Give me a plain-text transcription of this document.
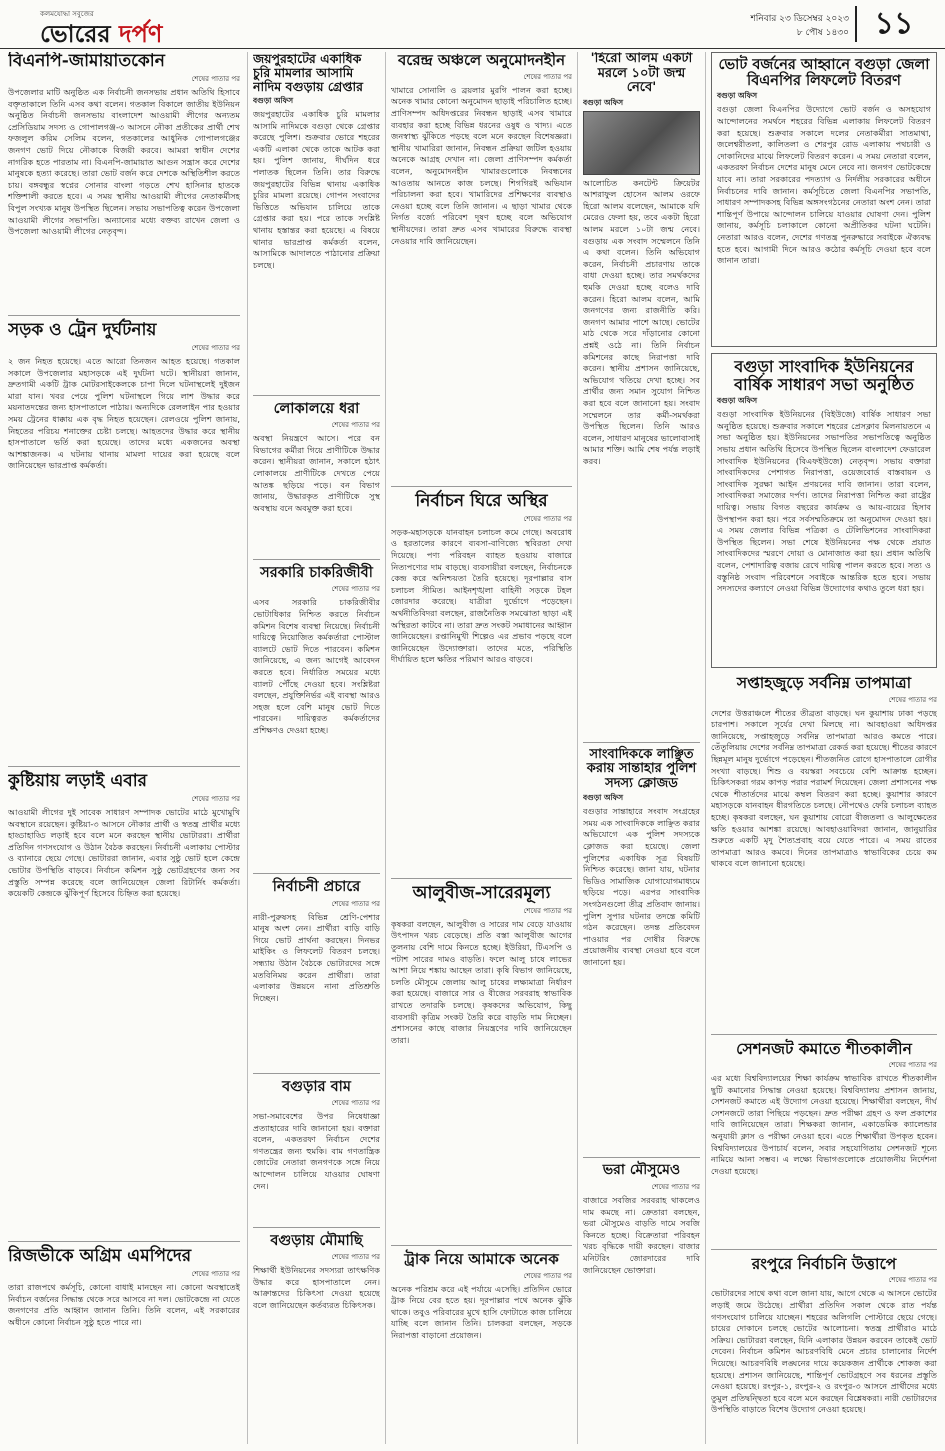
কলমযোদ্ধা সবুজের
ভোরের দর্পণ	শনিবার ২৩ ডিসেম্বর ২০২৩
৮ পৌষ ১৪৩০ ১১
বিএনপি-জামায়াতকোন
শেষের পাতার পর

উপজেলার মাটি অনুষ্ঠিত এক নির্বাচনী জনসভায় প্রধান অতিথি হিসাবে বক্তৃতাকালে তিনি এসব কথা বলেন। গতকাল বিকালে জাতীয় ইউনিয়ন অনুষ্ঠিত নির্বাচনী জনসভায় বাংলাদেশ আওয়ামী লীগের অন্যতম প্রেসিডিয়াম সদস্য ও গোপালগঞ্জ-৩ আসনে নৌকা প্রতীকের প্রার্থী শেখ ফজলুল করিম সেলিম বলেন, গতকালের আধুনিক গোপালগঞ্জের জনগণ ভোট দিয়ে নৌকাকে বিজয়ী করবে। আমরা স্বাধীন দেশের নাগরিক হতে পারতাম না। বিএনপি-জামায়াত আগুন সন্ত্রাস করে দেশের মানুষকে হত্যা করেছে। তারা ভোট বর্জন করে দেশকে অস্থিতিশীল করতে চায়। বঙ্গবন্ধুর স্বপ্নের সোনার বাংলা গড়তে শেখ হাসিনার হাতকে শক্তিশালী করতে হবে। এ সময় স্থানীয় আওয়ামী লীগের নেতাকর্মীসহ বিপুল সংখ্যক মানুষ উপস্থিত ছিলেন। সভায় সভাপতিত্ব করেন উপজেলা আওয়ামী লীগের সভাপতি। অন্যান্যের মধ্যে বক্তব্য রাখেন জেলা ও উপজেলা আওয়ামী লীগের নেতৃবৃন্দ।

সড়ক ও ট্রেন দুর্ঘটনায়
শেষের পাতার পর

২ জন নিহত হয়েছে। এতে আরো তিনজন আহত হয়েছে। গতকাল সকালে উপজেলার মহাসড়কে এই দুর্ঘটনা ঘটে। স্থানীয়রা জানান, দ্রুতগামী একটি ট্রাক মোটরসাইকেলকে চাপা দিলে ঘটনাস্থলেই দুইজন মারা যান। খবর পেয়ে পুলিশ ঘটনাস্থলে গিয়ে লাশ উদ্ধার করে ময়নাতদন্তের জন্য হাসপাতালে পাঠায়। অন্যদিকে রেললাইন পার হওয়ার সময় ট্রেনের ধাক্কায় এক বৃদ্ধ নিহত হয়েছেন। রেলওয়ে পুলিশ জানায়, নিহতের পরিচয় শনাক্তের চেষ্টা চলছে। আহতদের উদ্ধার করে স্থানীয় হাসপাতালে ভর্তি করা হয়েছে। তাদের মধ্যে একজনের অবস্থা আশঙ্কাজনক। এ ঘটনায় থানায় মামলা দায়ের করা হয়েছে বলে জানিয়েছেন ভারপ্রাপ্ত কর্মকর্তা।

কুষ্টিয়ায় লড়াই এবার
শেষের পাতার পর

আওয়ামী লীগের দুই সাবেক সাধারণ সম্পাদক ভোটের মাঠে মুখোমুখি অবস্থানে রয়েছেন। কুষ্টিয়া-৩ আসনে নৌকার প্রার্থী ও স্বতন্ত্র প্রার্থীর মধ্যে হাড্ডাহাড্ডি লড়াই হবে বলে মনে করছেন স্থানীয় ভোটাররা। প্রার্থীরা প্রতিদিন গণসংযোগ ও উঠান বৈঠক করছেন। নির্বাচনী এলাকায় পোস্টার ও ব্যানারে ছেয়ে গেছে। ভোটাররা জানান, এবার সুষ্ঠু ভোট হলে কেন্দ্রে ভোটার উপস্থিতি বাড়বে। নির্বাচন কমিশন সুষ্ঠু ভোটগ্রহণের জন্য সব প্রস্তুতি সম্পন্ন করেছে বলে জানিয়েছেন জেলা রিটার্নিং কর্মকর্তা। কয়েকটি কেন্দ্রকে ঝুঁকিপূর্ণ হিসেবে চিহ্নিত করা হয়েছে।

রিজভীকে অগ্রিম এমপিদের
শেষের পাতার পর

তারা রাজপথে কর্মসূচি, কোনো বাধাই মানছেন না। কোনো অবস্থাতেই নির্বাচন বর্জনের সিদ্ধান্ত থেকে সরে আসবে না দল। ভোটকেন্দ্রে না যেতে জনগণের প্রতি আহ্বান জানান তিনি। তিনি বলেন, এই সরকারের অধীনে কোনো নির্বাচন সুষ্ঠু হতে পারে না।

জয়পুরহাটের একাধিক চুরি মামলার আসামি নাদিম বগুড়ায় গ্রেপ্তার
বগুড়া অফিস

জয়পুরহাটের একাধিক চুরি মামলার আসামি নাদিমকে বগুড়া থেকে গ্রেপ্তার করেছে পুলিশ। শুক্রবার ভোরে শহরের একটি এলাকা থেকে তাকে আটক করা হয়। পুলিশ জানায়, দীর্ঘদিন ধরে পলাতক ছিলেন তিনি। তার বিরুদ্ধে জয়পুরহাটের বিভিন্ন থানায় একাধিক চুরির মামলা রয়েছে। গোপন সংবাদের ভিত্তিতে অভিযান চালিয়ে তাকে গ্রেপ্তার করা হয়। পরে তাকে সংশ্লিষ্ট থানায় হস্তান্তর করা হয়েছে। এ বিষয়ে থানার ভারপ্রাপ্ত কর্মকর্তা বলেন, আসামিকে আদালতে পাঠানোর প্রক্রিয়া চলছে।

লোকালয়ে ধরা
শেষের পাতার পর

অবস্থা নিয়ন্ত্রণে আসে। পরে বন বিভাগের কর্মীরা গিয়ে প্রাণীটিকে উদ্ধার করেন। স্থানীয়রা জানান, সকালে হঠাৎ লোকালয়ে প্রাণীটিকে দেখতে পেয়ে আতঙ্ক ছড়িয়ে পড়ে। বন বিভাগ জানায়, উদ্ধারকৃত প্রাণীটিকে সুস্থ অবস্থায় বনে অবমুক্ত করা হবে।

সরকারি চাকরিজীবী
শেষের পাতার পর

এসব সরকারি চাকরিজীবীর ভোটাধিকার নিশ্চিত করতে নির্বাচন কমিশন বিশেষ ব্যবস্থা নিয়েছে। নির্বাচনী দায়িত্বে নিয়োজিত কর্মকর্তারা পোস্টাল ব্যালটে ভোট দিতে পারবেন। কমিশন জানিয়েছে, এ জন্য আগেই আবেদন করতে হবে। নির্ধারিত সময়ের মধ্যে ব্যালট পৌঁছে দেওয়া হবে। সংশ্লিষ্টরা বলছেন, প্রযুক্তিনির্ভর এই ব্যবস্থা আরও সহজ হলে বেশি মানুষ ভোট দিতে পারবেন। দায়িত্বরত কর্মকর্তাদের প্রশিক্ষণও দেওয়া হচ্ছে।

নির্বাচনী প্রচারে
শেষের পাতার পর

নারী-পুরুষসহ বিভিন্ন শ্রেণি-পেশার মানুষ অংশ নেন। প্রার্থীরা বাড়ি বাড়ি গিয়ে ভোট প্রার্থনা করছেন। দিনভর মাইকিং ও লিফলেট বিতরণ চলছে। সন্ধ্যায় উঠান বৈঠকে ভোটারদের সঙ্গে মতবিনিময় করেন প্রার্থীরা। তারা এলাকার উন্নয়নে নানা প্রতিশ্রুতি দিচ্ছেন।

বগুড়ার বাম
শেষের পাতার পর

সভা-সমাবেশের উপর নিষেধাজ্ঞা প্রত্যাহারের দাবি জানানো হয়। বক্তারা বলেন, একতরফা নির্বাচন দেশের গণতন্ত্রের জন্য হুমকি। বাম গণতান্ত্রিক জোটের নেতারা জনগণকে সঙ্গে নিয়ে আন্দোলন চালিয়ে যাওয়ার ঘোষণা দেন।

বগুড়ায় মৌমাছি
শেষের পাতার পর

শিক্ষার্থী ইউনিয়নের সদস্যরা তাৎক্ষণিক উদ্ধার করে হাসপাতালে নেন। আক্রান্তদের চিকিৎসা দেওয়া হয়েছে বলে জানিয়েছেন কর্তব্যরত চিকিৎসক।

বরেন্দ্র অঞ্চলে অনুমোদনহীন
শেষের পাতার পর

খামারে সোনালি ও ব্রয়লার মুরগি পালন করা হচ্ছে। অনেক খামার কোনো অনুমোদন ছাড়াই পরিচালিত হচ্ছে। প্রাণিসম্পদ অধিদপ্তরের নিবন্ধন ছাড়াই এসব খামারে ব্যবহার করা হচ্ছে বিভিন্ন ধরনের ওষুধ ও খাদ্য। এতে জনস্বাস্থ্য ঝুঁকিতে পড়ছে বলে মনে করছেন বিশেষজ্ঞরা। স্থানীয় খামারিরা জানান, নিবন্ধন প্রক্রিয়া জটিল হওয়ায় অনেকে আগ্রহ দেখান না। জেলা প্রাণিসম্পদ কর্মকর্তা বলেন, অনুমোদনহীন খামারগুলোকে নিবন্ধনের আওতায় আনতে কাজ চলছে। শিগগিরই অভিযান পরিচালনা করা হবে। খামারিদের প্রশিক্ষণের ব্যবস্থাও নেওয়া হচ্ছে বলে তিনি জানান। এ ছাড়া খামার থেকে নির্গত বর্জ্যে পরিবেশ দূষণ হচ্ছে বলে অভিযোগ স্থানীয়দের। তারা দ্রুত এসব খামারের বিরুদ্ধে ব্যবস্থা নেওয়ার দাবি জানিয়েছেন।

নির্বাচন ঘিরে অস্থির
শেষের পাতার পর

সড়ক-মহাসড়কে যানবাহন চলাচল কমে গেছে। অবরোধ ও হরতালের কারণে ব্যবসা-বাণিজ্যে স্থবিরতা দেখা দিয়েছে। পণ্য পরিবহন ব্যাহত হওয়ায় বাজারে নিত্যপণ্যের দাম বাড়ছে। ব্যবসায়ীরা বলছেন, নির্বাচনকে কেন্দ্র করে অনিশ্চয়তা তৈরি হয়েছে। দূরপাল্লার বাস চলাচল সীমিত। আইনশৃঙ্খলা বাহিনী সড়কে টহল জোরদার করেছে। যাত্রীরা দুর্ভোগে পড়েছেন। অর্থনীতিবিদরা বলছেন, রাজনৈতিক সমঝোতা ছাড়া এই অস্থিরতা কাটবে না। তারা দ্রুত সংকট সমাধানের আহ্বান জানিয়েছেন। রপ্তানিমুখী শিল্পেও এর প্রভাব পড়ছে বলে জানিয়েছেন উদ্যোক্তারা। তাদের মতে, পরিস্থিতি দীর্ঘায়িত হলে ক্ষতির পরিমাণ আরও বাড়বে।

আলুবীজ-সারেরমূল্য
শেষের পাতার পর

কৃষকরা বলছেন, আলুবীজ ও সারের দাম বেড়ে যাওয়ায় উৎপাদন খরচ বেড়েছে। প্রতি বস্তা আলুবীজ আগের তুলনায় বেশি দামে কিনতে হচ্ছে। ইউরিয়া, টিএসপি ও পটাশ সারের দামও বাড়তি। ফলে আলু চাষে লাভের আশা নিয়ে শঙ্কায় আছেন তারা। কৃষি বিভাগ জানিয়েছে, চলতি মৌসুমে জেলায় আলু চাষের লক্ষ্যমাত্রা নির্ধারণ করা হয়েছে। বাজারে সার ও বীজের সরবরাহ স্বাভাবিক রাখতে তদারকি চলছে। কৃষকদের অভিযোগ, কিছু ব্যবসায়ী কৃত্রিম সংকট তৈরি করে বাড়তি দাম নিচ্ছেন। প্রশাসনের কাছে বাজার নিয়ন্ত্রণের দাবি জানিয়েছেন তারা।

ট্রাক নিয়ে আমাকে অনেক
শেষের পাতার পর

অনেক পরিশ্রম করে এই পর্যায়ে এসেছি। প্রতিদিন ভোরে ট্রাক নিয়ে বের হতে হয়। দূরপাল্লার পথে অনেক ঝুঁকি থাকে। তবুও পরিবারের মুখে হাসি ফোটাতে কাজ চালিয়ে যাচ্ছি বলে জানান তিনি। চালকরা বলছেন, সড়কে নিরাপত্তা বাড়ানো প্রয়োজন।

'হিরো আলম একটা মরলে ১০টা জন্ম নেবে'
বগুড়া অফিস

আলোচিত কনটেন্ট ক্রিয়েটর আশরাফুল হোসেন আলম ওরফে হিরো আলম বলেছেন, আমাকে যদি মেরেও ফেলা হয়, তবে একটা হিরো আলম মরলে ১০টা জন্ম নেবে। বগুড়ায় এক সংবাদ সম্মেলনে তিনি এ কথা বলেন। তিনি অভিযোগ করেন, নির্বাচনী প্রচারণায় তাকে বাধা দেওয়া হচ্ছে। তার সমর্থকদের হুমকি দেওয়া হচ্ছে বলেও দাবি করেন। হিরো আলম বলেন, আমি জনগণের জন্য রাজনীতি করি। জনগণ আমার পাশে আছে। ভোটের মাঠ থেকে সরে দাঁড়ানোর কোনো প্রশ্নই ওঠে না। তিনি নির্বাচন কমিশনের কাছে নিরাপত্তা দাবি করেন। স্থানীয় প্রশাসন জানিয়েছে, অভিযোগ খতিয়ে দেখা হচ্ছে। সব প্রার্থীর জন্য সমান সুযোগ নিশ্চিত করা হবে বলে জানানো হয়। সংবাদ সম্মেলনে তার কর্মী-সমর্থকরা উপস্থিত ছিলেন। তিনি আরও বলেন, সাধারণ মানুষের ভালোবাসাই আমার শক্তি। আমি শেষ পর্যন্ত লড়াই করব।

সাংবাদিককে লাঞ্ছিত করায় সান্তাহার পুলিশ সদস্য ক্লোজড
বগুড়া অফিস

বগুড়ার সান্তাহারে সংবাদ সংগ্রহের সময় এক সাংবাদিককে লাঞ্ছিত করার অভিযোগে এক পুলিশ সদস্যকে ক্লোজড করা হয়েছে। জেলা পুলিশের একাধিক সূত্র বিষয়টি নিশ্চিত করেছে। জানা যায়, ঘটনার ভিডিও সামাজিক যোগাযোগমাধ্যমে ছড়িয়ে পড়ে। এরপর সাংবাদিক সংগঠনগুলো তীব্র প্রতিবাদ জানায়। পুলিশ সুপার ঘটনার তদন্তে কমিটি গঠন করেছেন। তদন্ত প্রতিবেদন পাওয়ার পর দোষীর বিরুদ্ধে প্রয়োজনীয় ব্যবস্থা নেওয়া হবে বলে জানানো হয়।

ভরা মৌসুমেও
শেষের পাতার পর

বাজারে সবজির সরবরাহ থাকলেও দাম কমছে না। ক্রেতারা বলছেন, ভরা মৌসুমেও বাড়তি দামে সবজি কিনতে হচ্ছে। বিক্রেতারা পরিবহন খরচ বৃদ্ধিকে দায়ী করছেন। বাজার মনিটরিং জোরদারের দাবি জানিয়েছেন ভোক্তারা।

ভোট বর্জনের আহ্বানে বগুড়া জেলা বিএনপির লিফলেট বিতরণ
বগুড়া অফিস

বগুড়া জেলা বিএনপির উদ্যোগে ভোট বর্জন ও অসহযোগ আন্দোলনের সমর্থনে শহরের বিভিন্ন এলাকায় লিফলেট বিতরণ করা হয়েছে। শুক্রবার সকালে দলের নেতাকর্মীরা সাতমাথা, জলেশ্বরীতলা, কালিতলা ও শেরপুর রোড এলাকায় পথচারী ও দোকানিদের মাঝে লিফলেট বিতরণ করেন। এ সময় নেতারা বলেন, একতরফা নির্বাচন দেশের মানুষ মেনে নেবে না। জনগণ ভোটকেন্দ্রে যাবে না। তারা সরকারের পদত্যাগ ও নির্দলীয় সরকারের অধীনে নির্বাচনের দাবি জানান। কর্মসূচিতে জেলা বিএনপির সভাপতি, সাধারণ সম্পাদকসহ বিভিন্ন অঙ্গসংগঠনের নেতারা অংশ নেন। তারা শান্তিপূর্ণ উপায়ে আন্দোলন চালিয়ে যাওয়ার ঘোষণা দেন। পুলিশ জানায়, কর্মসূচি চলাকালে কোনো অপ্রীতিকর ঘটনা ঘটেনি। নেতারা আরও বলেন, দেশের গণতন্ত্র পুনরুদ্ধারে সবাইকে ঐক্যবদ্ধ হতে হবে। আগামী দিনে আরও কঠোর কর্মসূচি দেওয়া হবে বলে জানান তারা।

বগুড়া সাংবাদিক ইউনিয়নের বার্ষিক সাধারণ সভা অনুষ্ঠিত
বগুড়া অফিস

বগুড়া সাংবাদিক ইউনিয়নের (বিইউজে) বার্ষিক সাধারণ সভা অনুষ্ঠিত হয়েছে। শুক্রবার সকালে শহরের প্রেসক্লাব মিলনায়তনে এ সভা অনুষ্ঠিত হয়। ইউনিয়নের সভাপতির সভাপতিত্বে অনুষ্ঠিত সভায় প্রধান অতিথি হিসেবে উপস্থিত ছিলেন বাংলাদেশ ফেডারেল সাংবাদিক ইউনিয়নের (বিএফইউজে) নেতৃবৃন্দ। সভায় বক্তারা সাংবাদিকদের পেশাগত নিরাপত্তা, ওয়েজবোর্ড বাস্তবায়ন ও সাংবাদিক সুরক্ষা আইন প্রণয়নের দাবি জানান। তারা বলেন, সাংবাদিকরা সমাজের দর্পণ। তাদের নিরাপত্তা নিশ্চিত করা রাষ্ট্রের দায়িত্ব। সভায় বিগত বছরের কার্যক্রম ও আয়-ব্যয়ের হিসাব উপস্থাপন করা হয়। পরে সর্বসম্মতিক্রমে তা অনুমোদন দেওয়া হয়। এ সময় জেলার বিভিন্ন পত্রিকা ও টেলিভিশনের সাংবাদিকরা উপস্থিত ছিলেন। সভা শেষে ইউনিয়নের পক্ষ থেকে প্রয়াত সাংবাদিকদের স্মরণে দোয়া ও মোনাজাত করা হয়। প্রধান অতিথি বলেন, পেশাদারিত্ব বজায় রেখে দায়িত্ব পালন করতে হবে। সত্য ও বস্তুনিষ্ঠ সংবাদ পরিবেশনে সবাইকে আন্তরিক হতে হবে। সভায় সদস্যদের কল্যাণে নেওয়া বিভিন্ন উদ্যোগের কথাও তুলে ধরা হয়।

সপ্তাহজুড়ে সর্বনিম্ন তাপমাত্রা
শেষের পাতার পর

দেশের উত্তরাঞ্চলে শীতের তীব্রতা বাড়ছে। ঘন কুয়াশায় ঢাকা পড়ছে চারপাশ। সকালে সূর্যের দেখা মিলছে না। আবহাওয়া অধিদপ্তর জানিয়েছে, সপ্তাহজুড়ে সর্বনিম্ন তাপমাত্রা আরও কমতে পারে। তেঁতুলিয়ায় দেশের সর্বনিম্ন তাপমাত্রা রেকর্ড করা হয়েছে। শীতের কারণে ছিন্নমূল মানুষ দুর্ভোগে পড়েছেন। শীতজনিত রোগে হাসপাতালে রোগীর সংখ্যা বাড়ছে। শিশু ও বয়স্করা সবচেয়ে বেশি আক্রান্ত হচ্ছেন। চিকিৎসকরা গরম কাপড় পরার পরামর্শ দিয়েছেন। জেলা প্রশাসনের পক্ষ থেকে শীতার্তদের মাঝে কম্বল বিতরণ করা হচ্ছে। কুয়াশার কারণে মহাসড়কে যানবাহন ধীরগতিতে চলছে। নৌপথেও ফেরি চলাচল ব্যাহত হচ্ছে। কৃষকরা বলছেন, ঘন কুয়াশায় বোরো বীজতলা ও আলুক্ষেতের ক্ষতি হওয়ার আশঙ্কা রয়েছে। আবহাওয়াবিদরা জানান, জানুয়ারির শুরুতে একটি মৃদু শৈত্যপ্রবাহ বয়ে যেতে পারে। এ সময় রাতের তাপমাত্রা আরও কমবে। দিনের তাপমাত্রাও স্বাভাবিকের চেয়ে কম থাকবে বলে জানানো হয়েছে।

সেশনজট কমাতে শীতকালীন
শেষের পাতার পর

এর মধ্যে বিশ্ববিদ্যালয়ের শিক্ষা কার্যক্রম স্বাভাবিক রাখতে শীতকালীন ছুটি কমানোর সিদ্ধান্ত নেওয়া হয়েছে। বিশ্ববিদ্যালয় প্রশাসন জানায়, সেশনজট কমাতে এই উদ্যোগ নেওয়া হয়েছে। শিক্ষার্থীরা বলছেন, দীর্ঘ সেশনজটে তারা পিছিয়ে পড়ছেন। দ্রুত পরীক্ষা গ্রহণ ও ফল প্রকাশের দাবি জানিয়েছেন তারা। শিক্ষকরা জানান, একাডেমিক ক্যালেন্ডার অনুযায়ী ক্লাস ও পরীক্ষা নেওয়া হবে। এতে শিক্ষার্থীরা উপকৃত হবেন। বিশ্ববিদ্যালয়ের উপাচার্য বলেন, সবার সহযোগিতায় সেশনজট শূন্যে নামিয়ে আনা সম্ভব। এ লক্ষ্যে বিভাগগুলোকে প্রয়োজনীয় নির্দেশনা দেওয়া হয়েছে।

রংপুরে নির্বাচনি উত্তাপে
শেষের পাতার পর

ভোটারদের সাথে কথা বলে জানা যায়, আগে থেকে এ আসনে ভোটের লড়াই জমে উঠেছে। প্রার্থীরা প্রতিদিন সকাল থেকে রাত পর্যন্ত গণসংযোগ চালিয়ে যাচ্ছেন। শহরের অলিগলি পোস্টারে ছেয়ে গেছে। চায়ের দোকানে চলছে ভোটের আলোচনা। স্বতন্ত্র প্রার্থীরাও মাঠে সক্রিয়। ভোটাররা বলছেন, যিনি এলাকার উন্নয়ন করবেন তাকেই ভোট দেবেন। নির্বাচন কমিশন আচরণবিধি মেনে প্রচার চালানোর নির্দেশ দিয়েছে। আচরণবিধি লঙ্ঘনের দায়ে কয়েকজন প্রার্থীকে শোকজ করা হয়েছে। প্রশাসন জানিয়েছে, শান্তিপূর্ণ ভোটগ্রহণে সব ধরনের প্রস্তুতি নেওয়া হয়েছে। রংপুর-১, রংপুর-২ ও রংপুর-৩ আসনে প্রার্থীদের মধ্যে তুমুল প্রতিদ্বন্দ্বিতা হবে বলে মনে করছেন বিশ্লেষকরা। নারী ভোটারদের উপস্থিতি বাড়াতে বিশেষ উদ্যোগ নেওয়া হয়েছে।
